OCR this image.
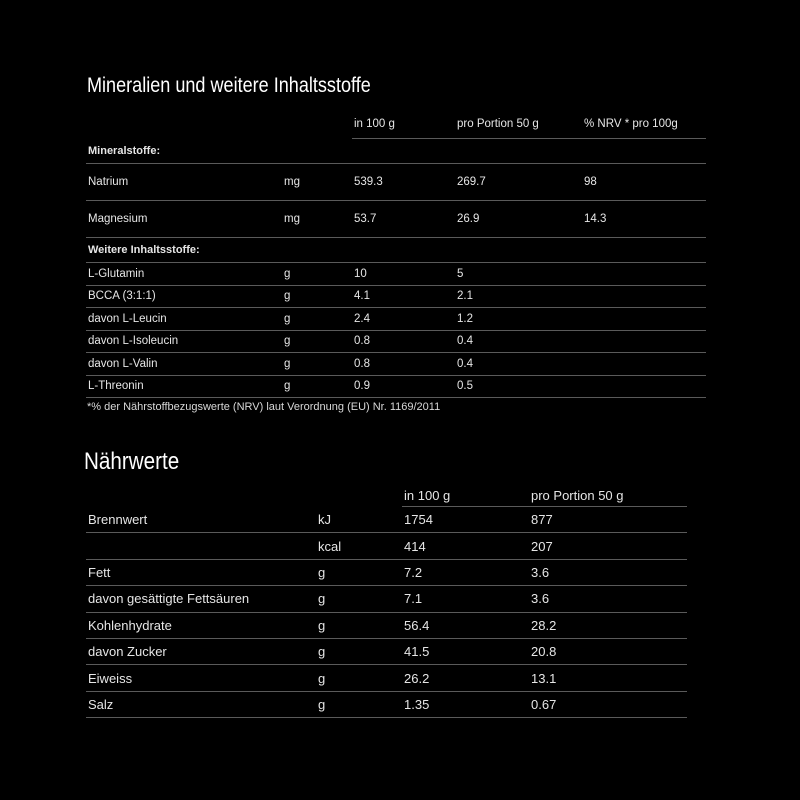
Mineralien und weitere Inhaltsstoffe
		in 100 g	pro Portion 50 g	% NRV * pro 100g
Mineralstoffe:				
Natrium	mg	539.3	269.7	98
Magnesium	mg	53.7	26.9	14.3
Weitere Inhaltsstoffe:				
L-Glutamin	g	10	5	
BCCA (3:1:1)	g	4.1	2.1	
davon L-Leucin	g	2.4	1.2	
davon L-Isoleucin	g	0.8	0.4	
davon L-Valin	g	0.8	0.4	
L-Threonin	g	0.9	0.5	
*% der Nährstoffbezugswerte (NRV) laut Verordnung (EU) Nr. 1169/2011
Nährwerte
		in 100 g	pro Portion 50 g
Brennwert	kJ	1754	877
	kcal	414	207
Fett	g	7.2	3.6
davon gesättigte Fettsäuren	g	7.1	3.6
Kohlenhydrate	g	56.4	28.2
davon Zucker	g	41.5	20.8
Eiweiss	g	26.2	13.1
Salz	g	1.35	0.67
